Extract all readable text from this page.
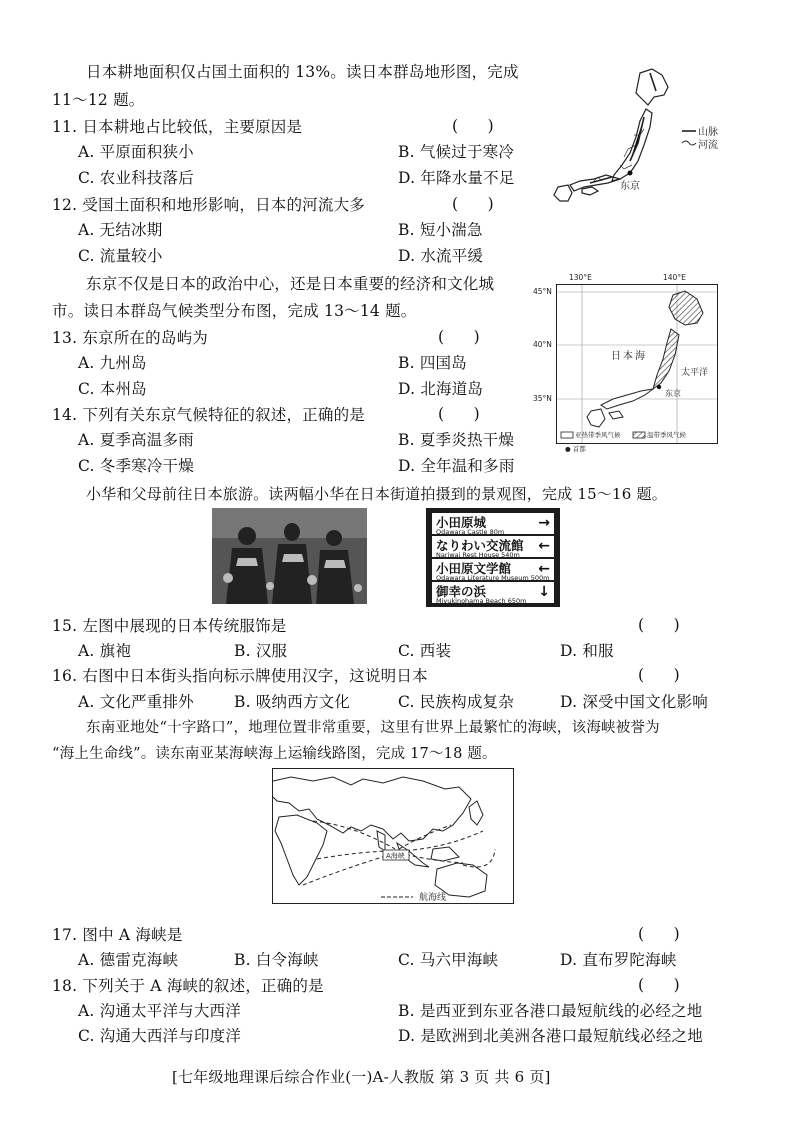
日本耕地面积仅占国土面积的 13%。读日本群岛地形图，完成
11～12 题。
11. 日本耕地占比较低，主要原因是	(      )
A. 平原面积狭小	B. 气候过于寒冷
C. 农业科技落后	D. 年降水量不足
12. 受国土面积和地形影响，日本的河流大多	(      )
A. 无结冰期	B. 短小湍急
C. 流量较小	D. 水流平缓
东京不仅是日本的政治中心，还是日本重要的经济和文化城
市。读日本群岛气候类型分布图，完成 13～14 题。
13. 东京所在的岛屿为	(      )
A. 九州岛	B. 四国岛
C. 本州岛	D. 北海道岛
14. 下列有关东京气候特征的叙述，正确的是	(      )
A. 夏季高温多雨	B. 夏季炎热干燥
C. 冬季寒冷干燥	D. 全年温和多雨
小华和父母前往日本旅游。读两幅小华在日本街道拍摄到的景观图，完成 15～16 题。
山脉
河流
东京
130°E	140°E
45°N
40°N
35°N
日本海
太平洋
东京
亚热带季风气候	温带季风气候
● 首都
小田原城
Odawara Castle 80m
→
なりわい交流館
Nariwai Rest House 540m
←
小田原文学館
Odawara Literature Museum 500m
←
御幸の浜
Miyukinohama Beach 650m
↓
15. 左图中展现的日本传统服饰是	(      )
A. 旗袍	B. 汉服	C. 西装	D. 和服
16. 右图中日本街头指向标示牌使用汉字，这说明日本	(      )
A. 文化严重排外	B. 吸纳西方文化	C. 民族构成复杂	D. 深受中国文化影响
东南亚地处“十字路口”，地理位置非常重要，这里有世界上最繁忙的海峡，该海峡被誉为
“海上生命线”。读东南亚某海峡海上运输线路图，完成 17～18 题。
A海峡
航海线
17. 图中 A 海峡是	(      )
A. 德雷克海峡	B. 白令海峡	C. 马六甲海峡	D. 直布罗陀海峡
18. 下列关于 A 海峡的叙述，正确的是	(      )
A. 沟通太平洋与大西洋	B. 是西亚到东亚各港口最短航线的必经之地
C. 沟通大西洋与印度洋	D. 是欧洲到北美洲各港口最短航线必经之地
[七年级地理课后综合作业(一)A-人教版 第 3 页 共 6 页]
